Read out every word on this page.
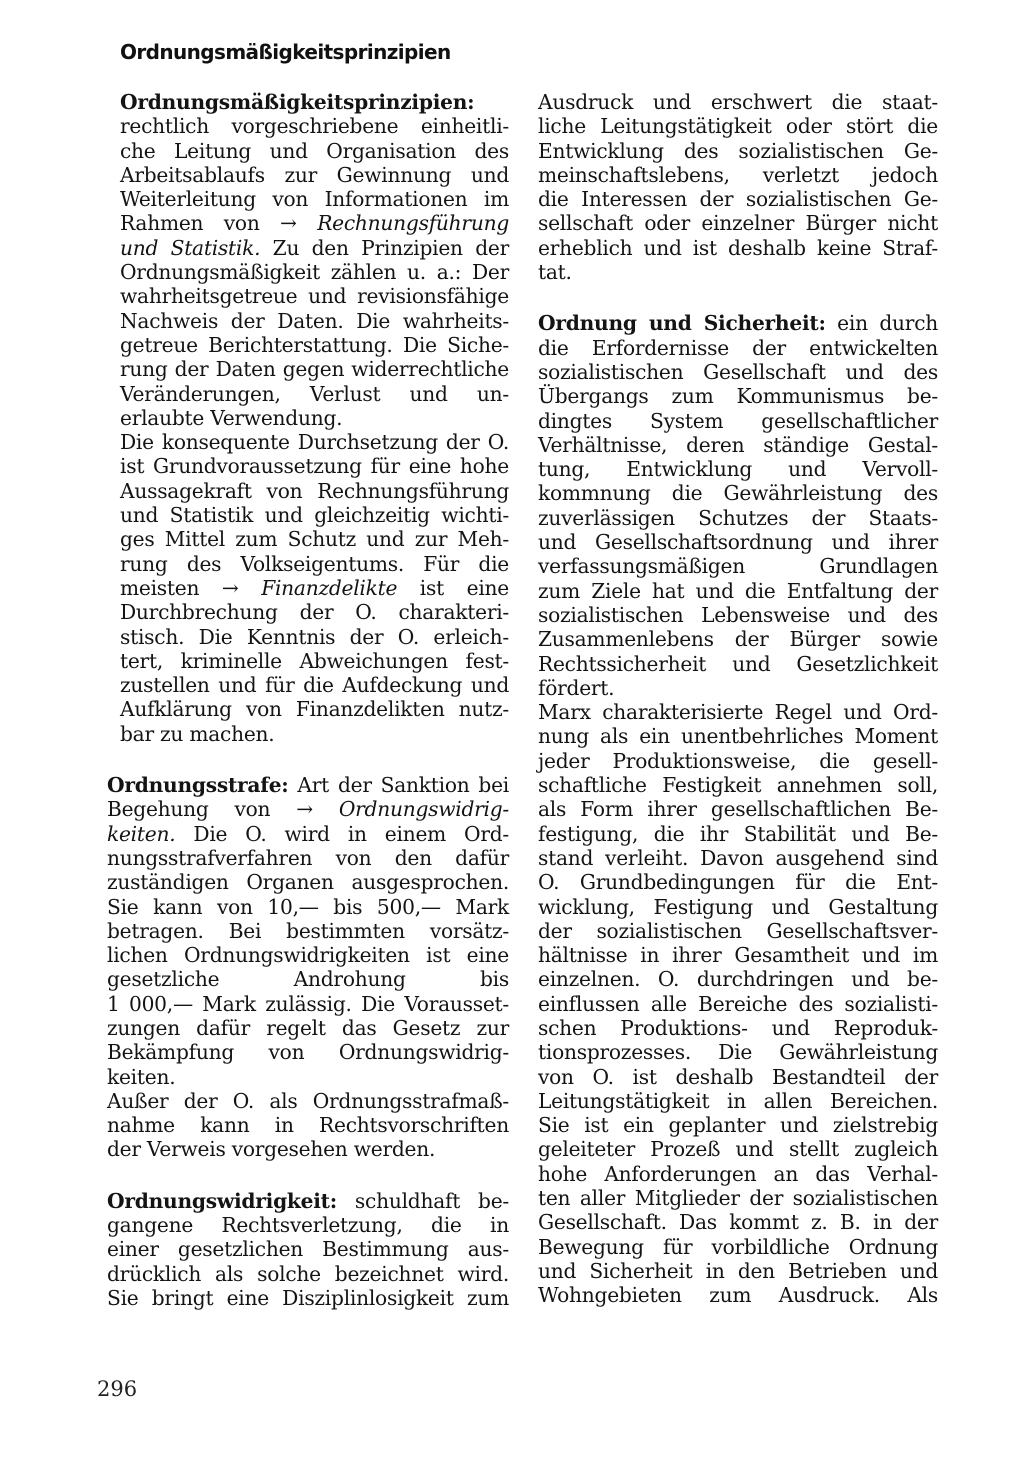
Ordnungsmäßigkeitsprinzipien
Ordnungsmäßigkeitsprinzipien:
rechtlich vorgeschriebene einheitli-
che Leitung und Organisation des
Arbeitsablaufs zur Gewinnung und
Weiterleitung von Informationen im
Rahmen von → Rechnungsführung
und Statistik. Zu den Prinzipien der
Ordnungsmäßigkeit zählen u. a.: Der
wahrheitsgetreue und revisionsfähige
Nachweis der Daten. Die wahrheits-
getreue Berichterstattung. Die Siche-
rung der Daten gegen widerrechtliche
Veränderungen, Verlust und un-
erlaubte Verwendung.
Die konsequente Durchsetzung der O.
ist Grundvoraussetzung für eine hohe
Aussagekraft von Rechnungsführung
und Statistik und gleichzeitig wichti-
ges Mittel zum Schutz und zur Meh-
rung des Volkseigentums. Für die
meisten → Finanzdelikte ist eine
Durchbrechung der O. charakteri-
stisch. Die Kenntnis der O. erleich-
tert, kriminelle Abweichungen fest-
zustellen und für die Aufdeckung und
Aufklärung von Finanzdelikten nutz-
bar zu machen.
Ordnungsstrafe: Art der Sanktion bei
Begehung von → Ordnungswidrig-
keiten. Die O. wird in einem Ord-
nungsstrafverfahren von den dafür
zuständigen Organen ausgesprochen.
Sie kann von 10,— bis 500,— Mark
betragen. Bei bestimmten vorsätz-
lichen Ordnungswidrigkeiten ist eine
gesetzliche Androhung bis
1 000,— Mark zulässig. Die Vorausset-
zungen dafür regelt das Gesetz zur
Bekämpfung von Ordnungswidrig-
keiten.
Außer der O. als Ordnungsstrafmaß-
nahme kann in Rechtsvorschriften
der Verweis vorgesehen werden.
Ordnungswidrigkeit: schuldhaft be-
gangene Rechtsverletzung, die in
einer gesetzlichen Bestimmung aus-
drücklich als solche bezeichnet wird.
Sie bringt eine Disziplinlosigkeit zum
Ausdruck und erschwert die staat-
liche Leitungstätigkeit oder stört die
Entwicklung des sozialistischen Ge-
meinschaftslebens, verletzt jedoch
die Interessen der sozialistischen Ge-
sellschaft oder einzelner Bürger nicht
erheblich und ist deshalb keine Straf-
tat.
Ordnung und Sicherheit: ein durch
die Erfordernisse der entwickelten
sozialistischen Gesellschaft und des
Übergangs zum Kommunismus be-
dingtes System gesellschaftlicher
Verhältnisse, deren ständige Gestal-
tung, Entwicklung und Vervoll-
kommnung die Gewährleistung des
zuverlässigen Schutzes der Staats-
und Gesellschaftsordnung und ihrer
verfassungsmäßigen Grundlagen
zum Ziele hat und die Entfaltung der
sozialistischen Lebensweise und des
Zusammenlebens der Bürger sowie
Rechtssicherheit und Gesetzlichkeit
fördert.
Marx charakterisierte Regel und Ord-
nung als ein unentbehrliches Moment
jeder Produktionsweise, die gesell-
schaftliche Festigkeit annehmen soll,
als Form ihrer gesellschaftlichen Be-
festigung, die ihr Stabilität und Be-
stand verleiht. Davon ausgehend sind
O. Grundbedingungen für die Ent-
wicklung, Festigung und Gestaltung
der sozialistischen Gesellschaftsver-
hältnisse in ihrer Gesamtheit und im
einzelnen. O. durchdringen und be-
einflussen alle Bereiche des sozialisti-
schen Produktions- und Reproduk-
tionsprozesses. Die Gewährleistung
von O. ist deshalb Bestandteil der
Leitungstätigkeit in allen Bereichen.
Sie ist ein geplanter und zielstrebig
geleiteter Prozeß und stellt zugleich
hohe Anforderungen an das Verhal-
ten aller Mitglieder der sozialistischen
Gesellschaft. Das kommt z. B. in der
Bewegung für vorbildliche Ordnung
und Sicherheit in den Betrieben und
Wohngebieten zum Ausdruck. Als
296
